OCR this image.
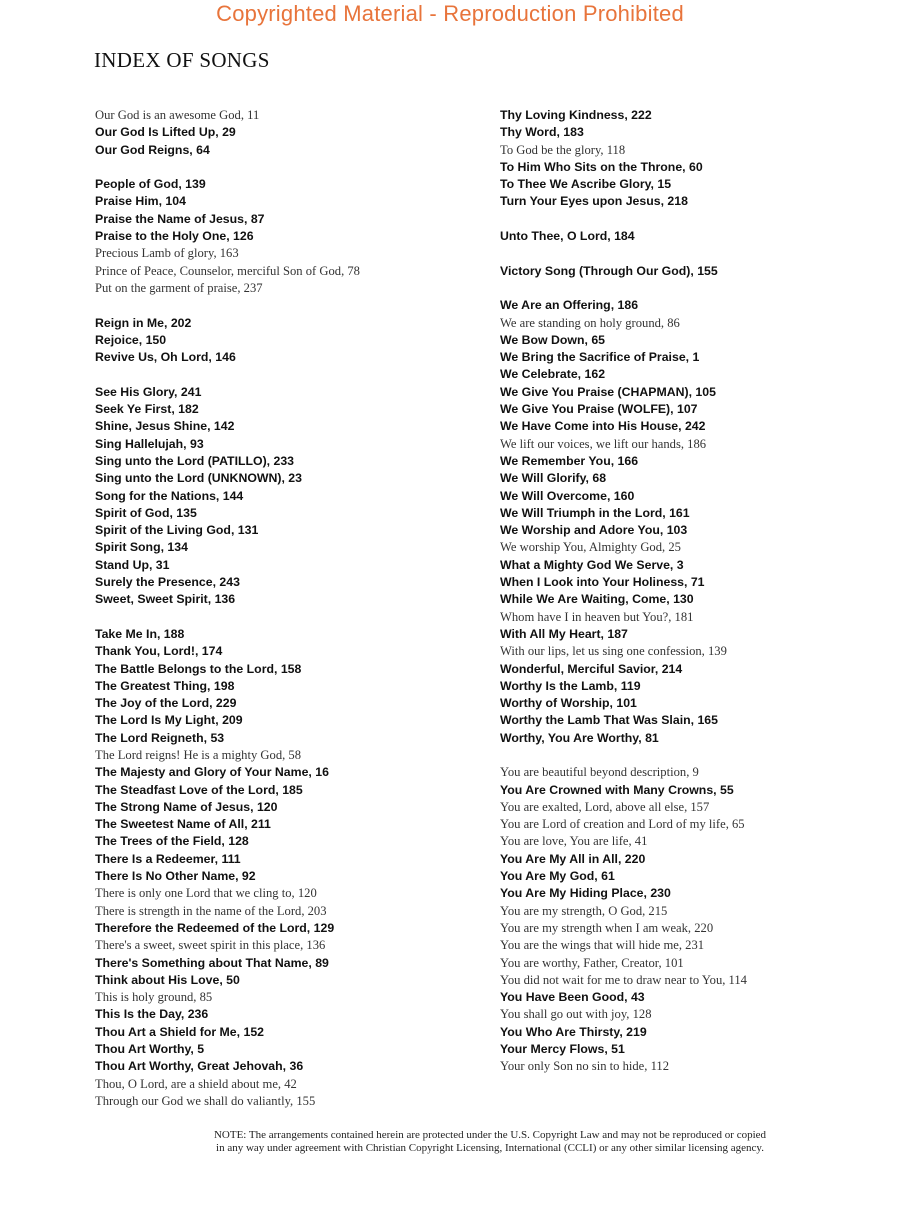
Copyrighted Material - Reproduction Prohibited
INDEX OF SONGS
Our God is an awesome God, 11
Our God Is Lifted Up, 29
Our God Reigns, 64
People of God, 139
Praise Him, 104
Praise the Name of Jesus, 87
Praise to the Holy One, 126
Precious Lamb of glory, 163
Prince of Peace, Counselor, merciful Son of God, 78
Put on the garment of praise, 237
Reign in Me, 202
Rejoice, 150
Revive Us, Oh Lord, 146
See His Glory, 241
Seek Ye First, 182
Shine, Jesus Shine, 142
Sing Hallelujah, 93
Sing unto the Lord (PATILLO), 233
Sing unto the Lord (UNKNOWN), 23
Song for the Nations, 144
Spirit of God, 135
Spirit of the Living God, 131
Spirit Song, 134
Stand Up, 31
Surely the Presence, 243
Sweet, Sweet Spirit, 136
Take Me In, 188
Thank You, Lord!, 174
The Battle Belongs to the Lord, 158
The Greatest Thing, 198
The Joy of the Lord, 229
The Lord Is My Light, 209
The Lord Reigneth, 53
The Lord reigns! He is a mighty God, 58
The Majesty and Glory of Your Name, 16
The Steadfast Love of the Lord, 185
The Strong Name of Jesus, 120
The Sweetest Name of All, 211
The Trees of the Field, 128
There Is a Redeemer, 111
There Is No Other Name, 92
There is only one Lord that we cling to, 120
There is strength in the name of the Lord, 203
Therefore the Redeemed of the Lord, 129
There's a sweet, sweet spirit in this place, 136
There's Something about That Name, 89
Think about His Love, 50
This is holy ground, 85
This Is the Day, 236
Thou Art a Shield for Me, 152
Thou Art Worthy, 5
Thou Art Worthy, Great Jehovah, 36
Thou, O Lord, are a shield about me, 42
Through our God we shall do valiantly, 155
Thy Loving Kindness, 222
Thy Word, 183
To God be the glory, 118
To Him Who Sits on the Throne, 60
To Thee We Ascribe Glory, 15
Turn Your Eyes upon Jesus, 218
Unto Thee, O Lord, 184
Victory Song (Through Our God), 155
We Are an Offering, 186
We are standing on holy ground, 86
We Bow Down, 65
We Bring the Sacrifice of Praise, 1
We Celebrate, 162
We Give You Praise (CHAPMAN), 105
We Give You Praise (WOLFE), 107
We Have Come into His House, 242
We lift our voices, we lift our hands, 186
We Remember You, 166
We Will Glorify, 68
We Will Overcome, 160
We Will Triumph in the Lord, 161
We Worship and Adore You, 103
We worship You, Almighty God, 25
What a Mighty God We Serve, 3
When I Look into Your Holiness, 71
While We Are Waiting, Come, 130
Whom have I in heaven but You?, 181
With All My Heart, 187
With our lips, let us sing one confession, 139
Wonderful, Merciful Savior, 214
Worthy Is the Lamb, 119
Worthy of Worship, 101
Worthy the Lamb That Was Slain, 165
Worthy, You Are Worthy, 81
You are beautiful beyond description, 9
You Are Crowned with Many Crowns, 55
You are exalted, Lord, above all else, 157
You are Lord of creation and Lord of my life, 65
You are love, You are life, 41
You Are My All in All, 220
You Are My God, 61
You Are My Hiding Place, 230
You are my strength, O God, 215
You are my strength when I am weak, 220
You are the wings that will hide me, 231
You are worthy, Father, Creator, 101
You did not wait for me to draw near to You, 114
You Have Been Good, 43
You shall go out with joy, 128
You Who Are Thirsty, 219
Your Mercy Flows, 51
Your only Son no sin to hide, 112
NOTE: The arrangements contained herein are protected under the U.S. Copyright Law and may not be reproduced or copied
in any way under agreement with Christian Copyright Licensing, International (CCLI) or any other similar licensing agency.
